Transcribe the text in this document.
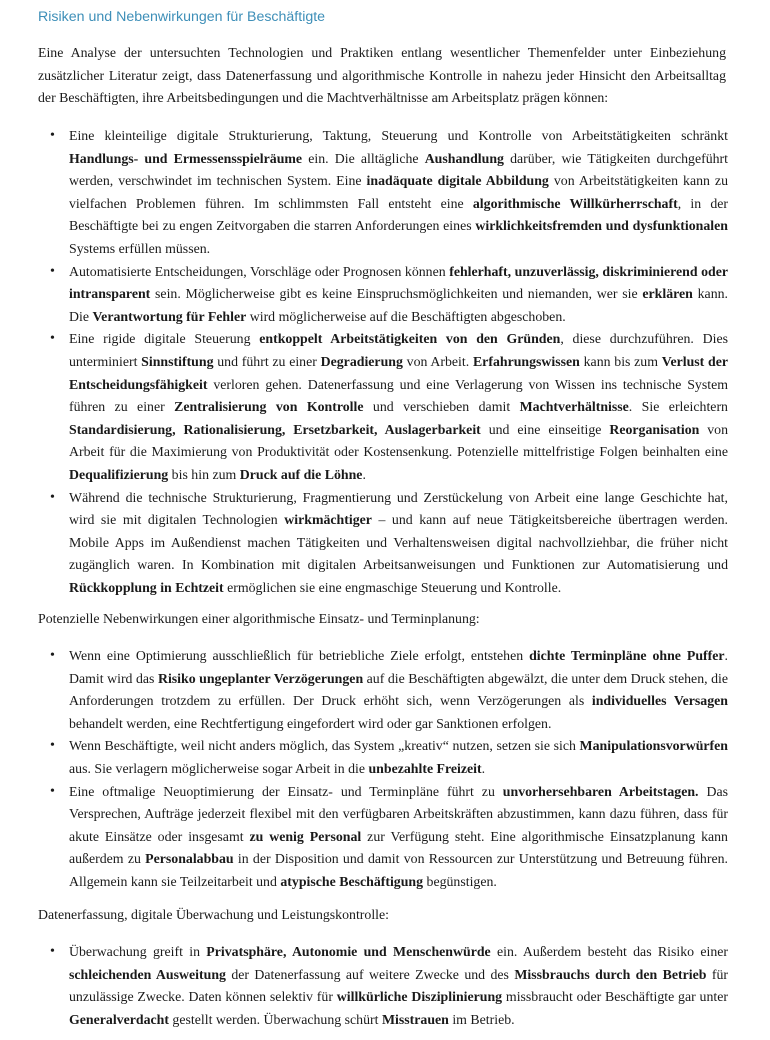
Risiken und Nebenwirkungen für Beschäftigte

Eine Analyse der untersuchten Technologien und Praktiken entlang wesentlicher Themenfelder unter Einbeziehung zusätzlicher Literatur zeigt, dass Datenerfassung und algorithmische Kontrolle in nahezu jeder Hinsicht den Arbeitsalltag der Beschäftigten, ihre Arbeitsbedingungen und die Machtverhältnisse am Arbeitsplatz prägen können:

• Eine kleinteilige digitale Strukturierung, Taktung, Steuerung und Kontrolle von Arbeitstätigkeiten schränkt Handlungs- und Ermessensspielräume ein. Die alltägliche Aushandlung darüber, wie Tätigkeiten durchgeführt werden, verschwindet im technischen System. Eine inadäquate digitale Abbildung von Arbeitstätigkeiten kann zu vielfachen Problemen führen. Im schlimmsten Fall entsteht eine algorithmische Willkürherrschaft, in der Beschäftigte bei zu engen Zeitvorgaben die starren Anforderungen eines wirklichkeitsfremden und dysfunktionalen Systems erfüllen müssen.
• Automatisierte Entscheidungen, Vorschläge oder Prognosen können fehlerhaft, unzuverlässig, diskriminierend oder intransparent sein. Möglicherweise gibt es keine Einspruchsmöglichkeiten und niemanden, wer sie erklären kann. Die Verantwortung für Fehler wird möglicherweise auf die Beschäftigten abgeschoben.
• Eine rigide digitale Steuerung entkoppelt Arbeitstätigkeiten von den Gründen, diese durchzuführen. Dies unterminiert Sinnstiftung und führt zu einer Degradierung von Arbeit. Erfahrungswissen kann bis zum Verlust der Entscheidungsfähigkeit verloren gehen. Datenerfassung und eine Verlagerung von Wissen ins technische System führen zu einer Zentralisierung von Kontrolle und verschieben damit Machtverhältnisse. Sie erleichtern Standardisierung, Rationalisierung, Ersetzbarkeit, Auslagerbarkeit und eine einseitige Reorganisation von Arbeit für die Maximierung von Produktivität oder Kostensenkung. Potenzielle mittelfristige Folgen beinhalten eine Dequalifizierung bis hin zum Druck auf die Löhne.
• Während die technische Strukturierung, Fragmentierung und Zerstückelung von Arbeit eine lange Geschichte hat, wird sie mit digitalen Technologien wirkmächtiger – und kann auf neue Tätigkeitsbereiche übertragen werden. Mobile Apps im Außendienst machen Tätigkeiten und Verhaltensweisen digital nachvollziehbar, die früher nicht zugänglich waren. In Kombination mit digitalen Arbeitsanweisungen und Funktionen zur Automatisierung und Rückkopplung in Echtzeit ermöglichen sie eine engmaschige Steuerung und Kontrolle.

Potenzielle Nebenwirkungen einer algorithmische Einsatz- und Terminplanung:

• Wenn eine Optimierung ausschließlich für betriebliche Ziele erfolgt, entstehen dichte Terminpläne ohne Puffer. Damit wird das Risiko ungeplanter Verzögerungen auf die Beschäftigten abgewälzt, die unter dem Druck stehen, die Anforderungen trotzdem zu erfüllen. Der Druck erhöht sich, wenn Verzögerungen als individuelles Versagen behandelt werden, eine Rechtfertigung eingefordert wird oder gar Sanktionen erfolgen.
• Wenn Beschäftigte, weil nicht anders möglich, das System „kreativ“ nutzen, setzen sie sich Manipulationsvorwürfen aus. Sie verlagern möglicherweise sogar Arbeit in die unbezahlte Freizeit.
• Eine oftmalige Neuoptimierung der Einsatz- und Terminpläne führt zu unvorhersehbaren Arbeitstagen. Das Versprechen, Aufträge jederzeit flexibel mit den verfügbaren Arbeitskräften abzustimmen, kann dazu führen, dass für akute Einsätze oder insgesamt zu wenig Personal zur Verfügung steht. Eine algorithmische Einsatzplanung kann außerdem zu Personalabbau in der Disposition und damit von Ressourcen zur Unterstützung und Betreuung führen. Allgemein kann sie Teilzeitarbeit und atypische Beschäftigung begünstigen.

Datenerfassung, digitale Überwachung und Leistungskontrolle:

• Überwachung greift in Privatsphäre, Autonomie und Menschenwürde ein. Außerdem besteht das Risiko einer schleichenden Ausweitung der Datenerfassung auf weitere Zwecke und des Missbrauchs durch den Betrieb für unzulässige Zwecke. Daten können selektiv für willkürliche Disziplinierung missbraucht oder Beschäftigte gar unter Generalverdacht gestellt werden. Überwachung schürt Misstrauen im Betrieb.
